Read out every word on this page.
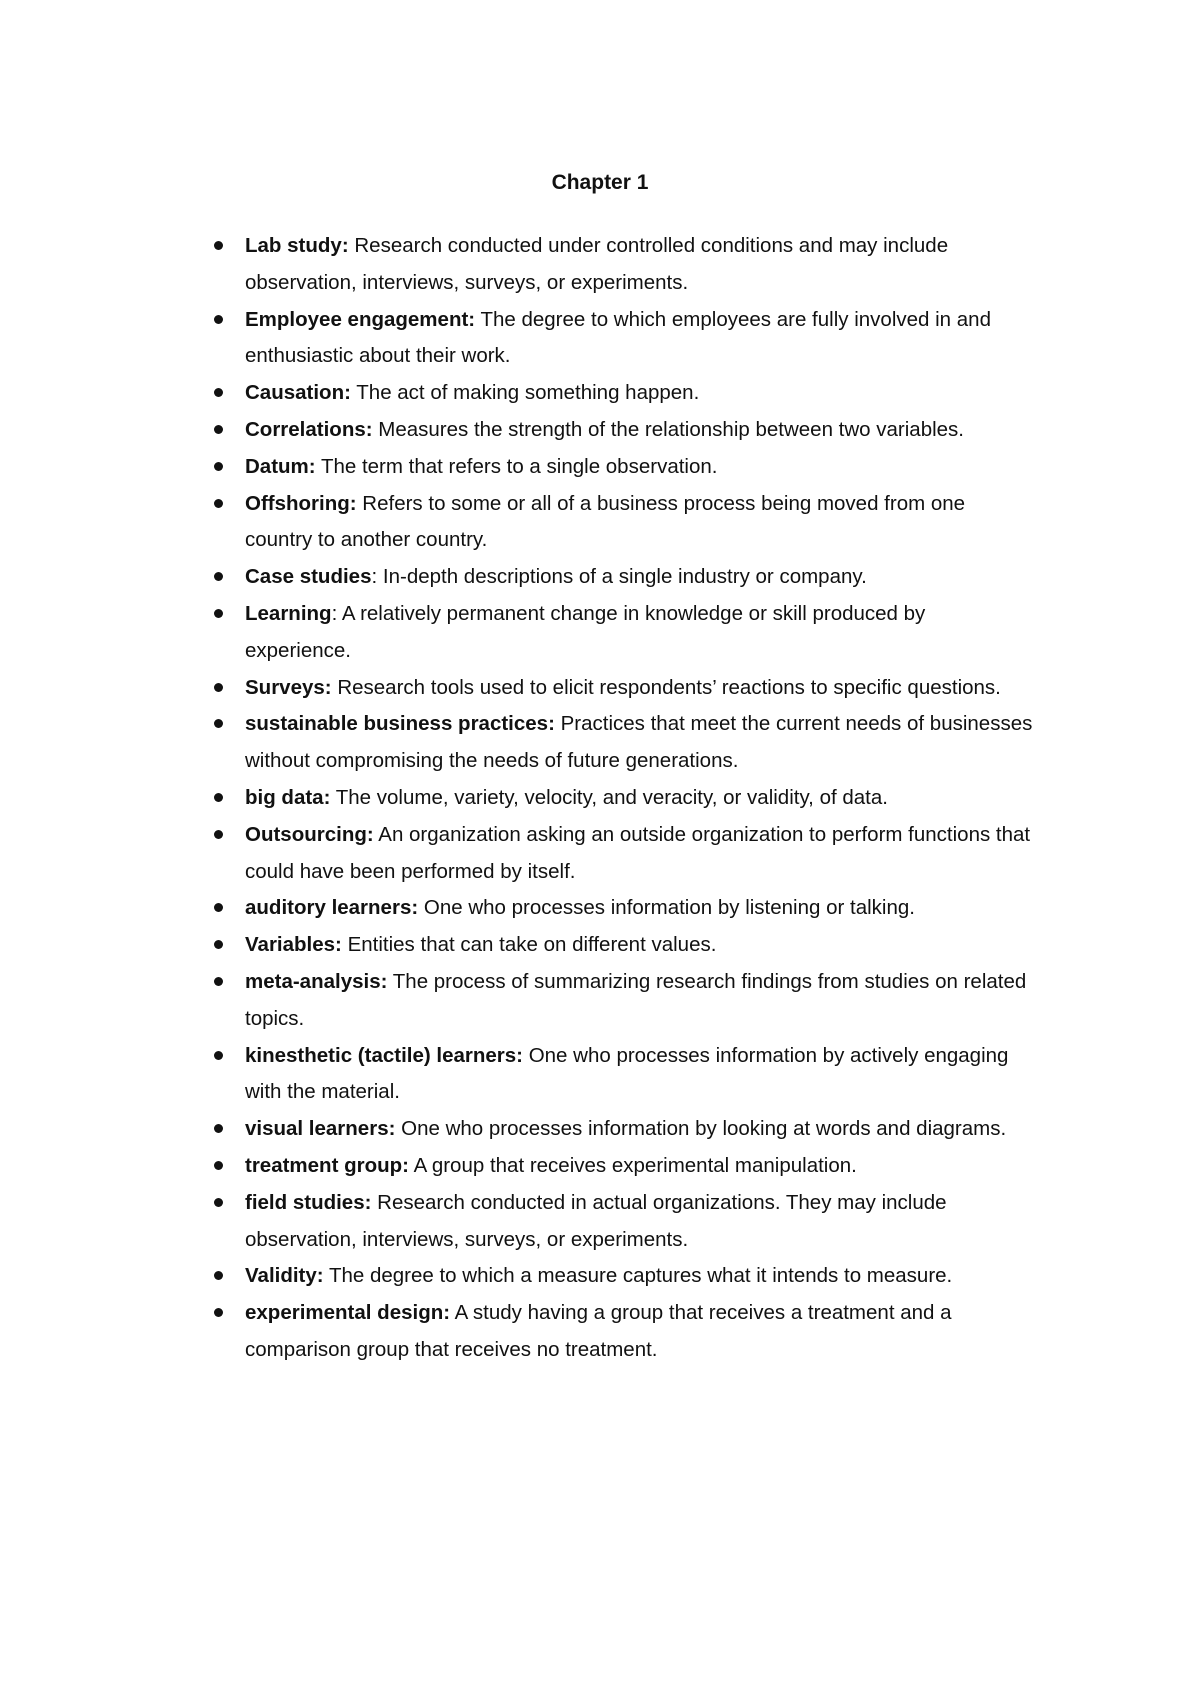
Chapter 1
Lab study: Research conducted under controlled conditions and may include observation, interviews, surveys, or experiments.
Employee engagement: The degree to which employees are fully involved in and enthusiastic about their work.
Causation: The act of making something happen.
Correlations: Measures the strength of the relationship between two variables.
Datum: The term that refers to a single observation.
Offshoring: Refers to some or all of a business process being moved from one country to another country.
Case studies: In-depth descriptions of a single industry or company.
Learning: A relatively permanent change in knowledge or skill produced by experience.
Surveys: Research tools used to elicit respondents’ reactions to specific questions.
sustainable business practices: Practices that meet the current needs of businesses without compromising the needs of future generations.
big data: The volume, variety, velocity, and veracity, or validity, of data.
Outsourcing: An organization asking an outside organization to perform functions that could have been performed by itself.
auditory learners: One who processes information by listening or talking.
Variables: Entities that can take on different values.
meta-analysis: The process of summarizing research findings from studies on related topics.
kinesthetic (tactile) learners: One who processes information by actively engaging with the material.
visual learners: One who processes information by looking at words and diagrams.
treatment group: A group that receives experimental manipulation.
field studies: Research conducted in actual organizations. They may include observation, interviews, surveys, or experiments.
Validity: The degree to which a measure captures what it intends to measure.
experimental design: A study having a group that receives a treatment and a comparison group that receives no treatment.
